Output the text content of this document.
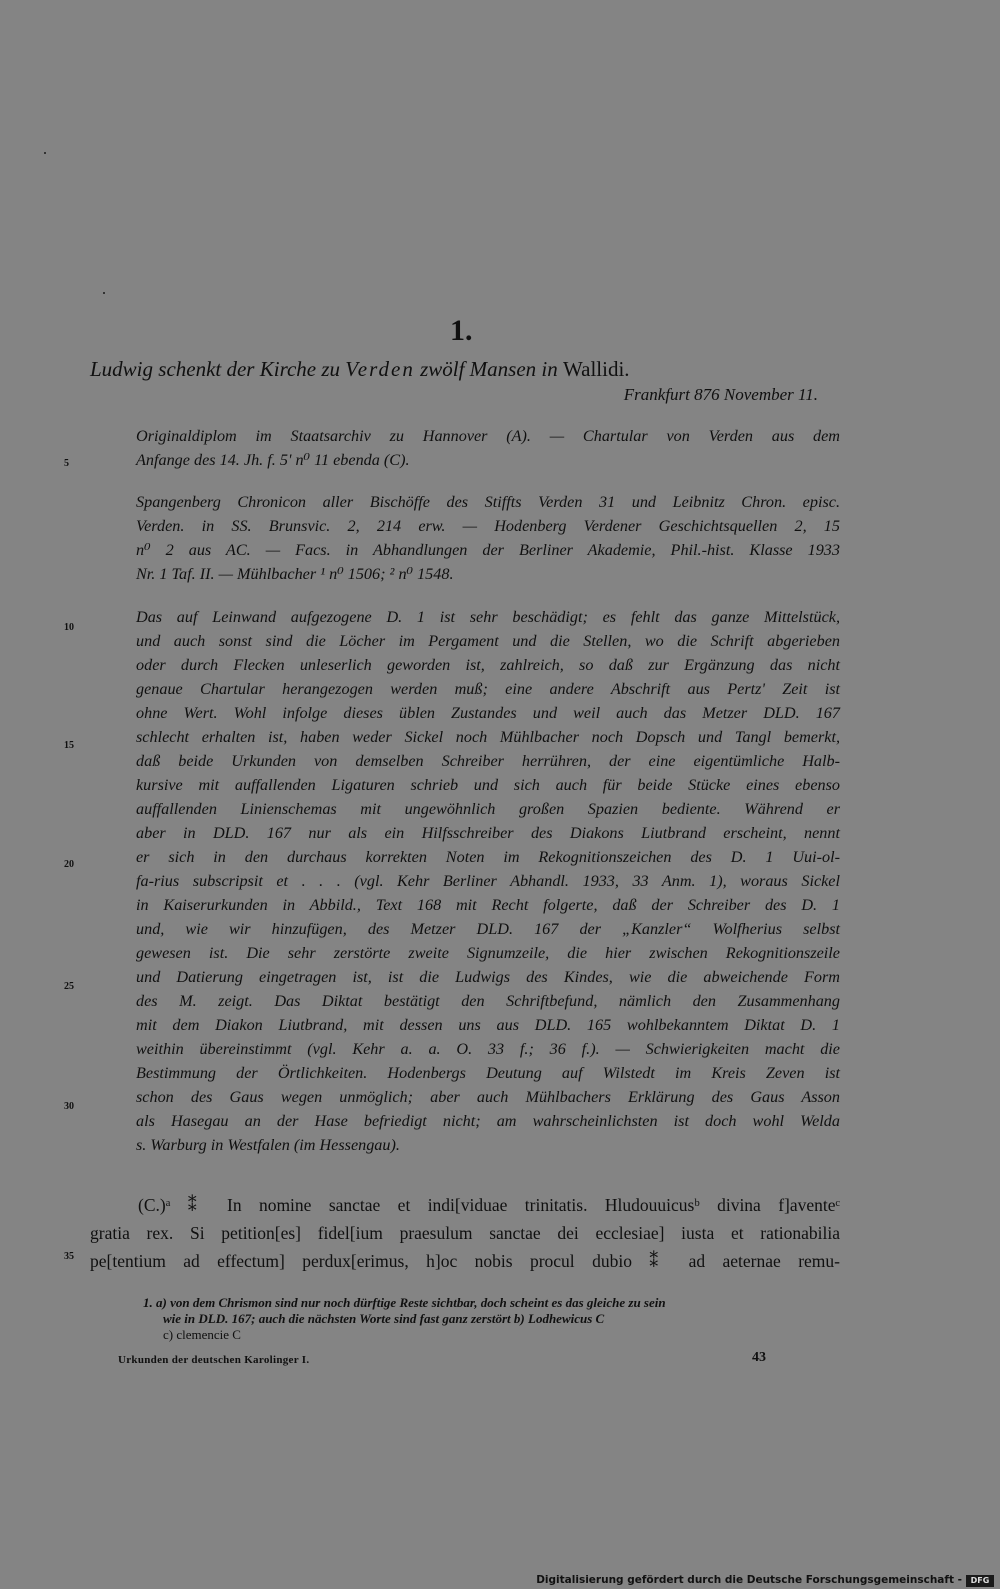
1.
Ludwig schenkt der Kirche zu Verden zwölf Mansen in Wallidi.
Frankfurt 876 November 11.
Originaldiplom im Staatsarchiv zu Hannover (A). — Chartular von Verden aus dem
Anfange des 14. Jh. f. 5' n⁰ 11 ebenda (C).
Spangenberg Chronicon aller Bischöffe des Stiffts Verden 31 und Leibnitz Chron. episc.
Verden. in SS. Brunsvic. 2, 214 erw. — Hodenberg Verdener Geschichtsquellen 2, 15
n⁰ 2 aus AC. — Facs. in Abhandlungen der Berliner Akademie, Phil.-hist. Klasse 1933
Nr. 1 Taf. II. — Mühlbacher ¹ n⁰ 1506; ² n⁰ 1548.
Das auf Leinwand aufgezogene D. 1 ist sehr beschädigt; es fehlt das ganze Mittelstück,
und auch sonst sind die Löcher im Pergament und die Stellen, wo die Schrift abgerieben
oder durch Flecken unleserlich geworden ist, zahlreich, so daß zur Ergänzung das nicht
genaue Chartular herangezogen werden muß; eine andere Abschrift aus Pertz' Zeit ist
ohne Wert. Wohl infolge dieses üblen Zustandes und weil auch das Metzer DLD. 167
schlecht erhalten ist, haben weder Sickel noch Mühlbacher noch Dopsch und Tangl bemerkt,
daß beide Urkunden von demselben Schreiber herrühren, der eine eigentümliche Halb-
kursive mit auffallenden Ligaturen schrieb und sich auch für beide Stücke eines ebenso
auffallenden Linienschemas mit ungewöhnlich großen Spazien bediente. Während er
aber in DLD. 167 nur als ein Hilfsschreiber des Diakons Liutbrand erscheint, nennt
er sich in den durchaus korrekten Noten im Rekognitionszeichen des D. 1 Uui-ol-
fa-rius subscripsit et . . . (vgl. Kehr Berliner Abhandl. 1933, 33 Anm. 1), woraus Sickel
in Kaiserurkunden in Abbild., Text 168 mit Recht folgerte, daß der Schreiber des D. 1
und, wie wir hinzufügen, des Metzer DLD. 167 der „Kanzler“ Wolfherius selbst
gewesen ist. Die sehr zerstörte zweite Signumzeile, die hier zwischen Rekognitionszeile
und Datierung eingetragen ist, ist die Ludwigs des Kindes, wie die abweichende Form
des M. zeigt. Das Diktat bestätigt den Schriftbefund, nämlich den Zusammenhang
mit dem Diakon Liutbrand, mit dessen uns aus DLD. 165 wohlbekanntem Diktat D. 1
weithin übereinstimmt (vgl. Kehr a. a. O. 33 f.; 36 f.). — Schwierigkeiten macht die
Bestimmung der Örtlichkeiten. Hodenbergs Deutung auf Wilstedt im Kreis Zeven ist
schon des Gaus wegen unmöglich; aber auch Mühlbachers Erklärung des Gaus Asson
als Hasegau an der Hase befriedigt nicht; am wahrscheinlichsten ist doch wohl Welda
s. Warburg in Westfalen (im Hessengau).
5
10
15
20
25
30
35
(C.)ᵃ ⁑ In nomine sanctae et indi[viduae trinitatis. Hludouuicusᵇ divina f]aventeᶜ
gratia rex. Si petition[es] fidel[ium praesulum sanctae dei ecclesiae] iusta et rationabilia
pe[tentium ad effectum] perdux[erimus, h]oc nobis procul dubio ⁑ ad aeternae remu-
1. a) von dem Chrismon sind nur noch dürftige Reste sichtbar, doch scheint es das gleiche zu sein
wie in DLD. 167; auch die nächsten Worte sind fast ganz zerstört b) Lodhewicus C
c) clemencie C
Urkunden der deutschen Karolinger I.	43
Digitalisierung gefördert durch die Deutsche Forschungsgemeinschaft -	DFG
